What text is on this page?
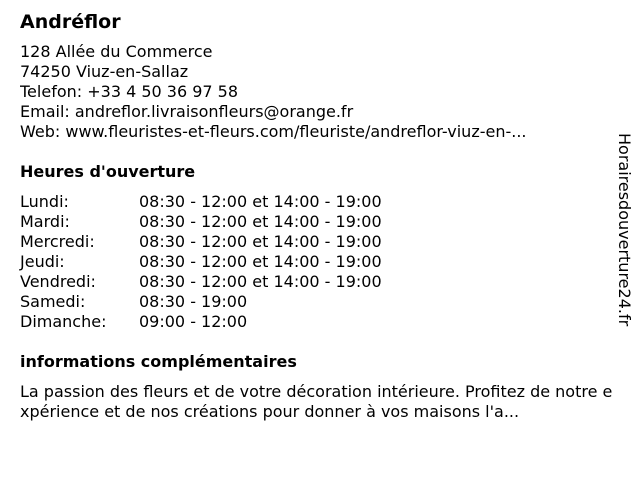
Andréflor
128 Allée du Commerce
74250 Viuz-en-Sallaz
Telefon: +33 4 50 36 97 58
Email: andreflor.livraisonfleurs@orange.fr
Web: www.fleuristes-et-fleurs.com/fleuriste/andreflor-viuz-en-...
Heures d'ouverture
Lundi:	08:30 - 12:00 et 14:00 - 19:00
Mardi:	08:30 - 12:00 et 14:00 - 19:00
Mercredi:	08:30 - 12:00 et 14:00 - 19:00
Jeudi:	08:30 - 12:00 et 14:00 - 19:00
Vendredi:	08:30 - 12:00 et 14:00 - 19:00
Samedi:	08:30 - 19:00
Dimanche:	09:00 - 12:00
informations complémentaires
La passion des fleurs et de votre décoration intérieure. Profitez de notre expérience et de nos créations pour donner à vos maisons l'a...
Horairesdouverture24.fr
